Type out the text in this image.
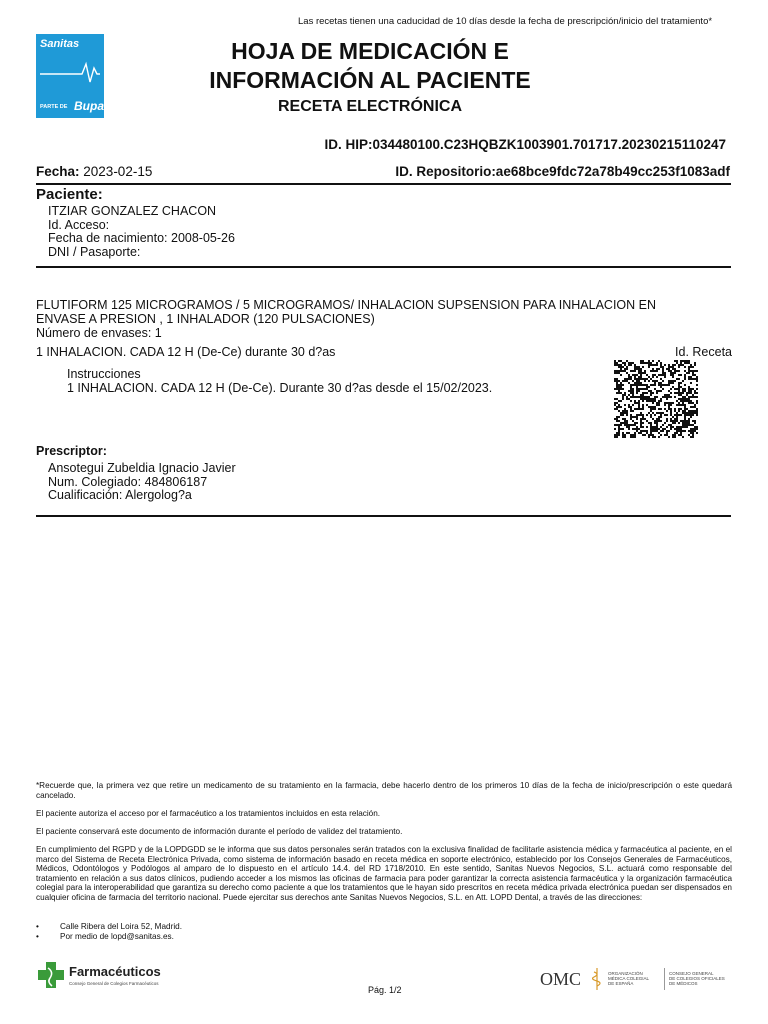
Las recetas tienen una caducidad de 10 días desde la fecha de prescripción/inicio del tratamiento*
Sanitas
PARTE DE Bupa
HOJA DE MEDICACIÓN E
INFORMACIÓN AL PACIENTE
RECETA ELECTRÓNICA
ID. HIP:034480100.C23HQBZK1003901.701717.20230215110247
Fecha: 2023-02-15	ID. Repositorio:ae68bce9fdc72a78b49cc253f1083adf
Paciente:
ITZIAR GONZALEZ CHACON
Id. Acceso:
Fecha de nacimiento: 2008-05-26
DNI / Pasaporte:
FLUTIFORM 125 MICROGRAMOS / 5 MICROGRAMOS/ INHALACION SUPSENSION PARA INHALACION EN
ENVASE A PRESION , 1 INHALADOR (120 PULSACIONES)
Número de envases: 1
1 INHALACION. CADA 12 H (De-Ce) durante 30 d?as	Id. Receta
Instrucciones
1 INHALACION. CADA 12 H (De-Ce). Durante 30 d?as desde el 15/02/2023.
Prescriptor:
Ansotegui Zubeldia Ignacio Javier
Num. Colegiado: 484806187
Cualificación: Alergolog?a
*Recuerde que, la primera vez que retire un medicamento de su tratamiento en la farmacia, debe hacerlo dentro de los primeros 10 días de la fecha de inicio/prescripción o este quedará cancelado.
El paciente autoriza el acceso por el farmacéutico a los tratamientos incluidos en esta relación.
El paciente conservará este documento de información durante el período de validez del tratamiento.
En cumplimiento del RGPD y de la LOPDGDD se le informa que sus datos personales serán tratados con la exclusiva finalidad de facilitarle asistencia médica y farmacéutica al paciente, en el marco del Sistema de Receta Electrónica Privada, como sistema de información basado en receta médica en soporte electrónico, establecido por los Consejos Generales de Farmacéuticos, Médicos, Odontólogos y Podólogos al amparo de lo dispuesto en el artículo 14.4. del RD 1718/2010. En este sentido, Sanitas Nuevos Negocios, S.L. actuará como responsable del tratamiento en relación a sus datos clínicos, pudiendo acceder a los mismos las oficinas de farmacia para poder garantizar la correcta asistencia farmacéutica y la organización farmacéutica colegial para la interoperabilidad que garantiza su derecho como paciente a que los tratamientos que le hayan sido prescritos en receta médica privada electrónica puedan ser dispensados en cualquier oficina de farmacia del territorio nacional. Puede ejercitar sus derechos ante Sanitas Nuevos Negocios, S.L. en Att. LOPD Dental, a través de las direcciones:
•	Calle Ribera del Loira 52, Madrid.
•	Por medio de lopd@sanitas.es.
Farmacéuticos
Consejo General de Colegios Farmacéuticos
Pág. 1/2
OMC	ORGANIZACIÓN
MÉDICA COLEGIAL
DE ESPAÑA
CONSEJO GENERAL
DE COLEGIOS OFICIALES
DE MÉDICOS
